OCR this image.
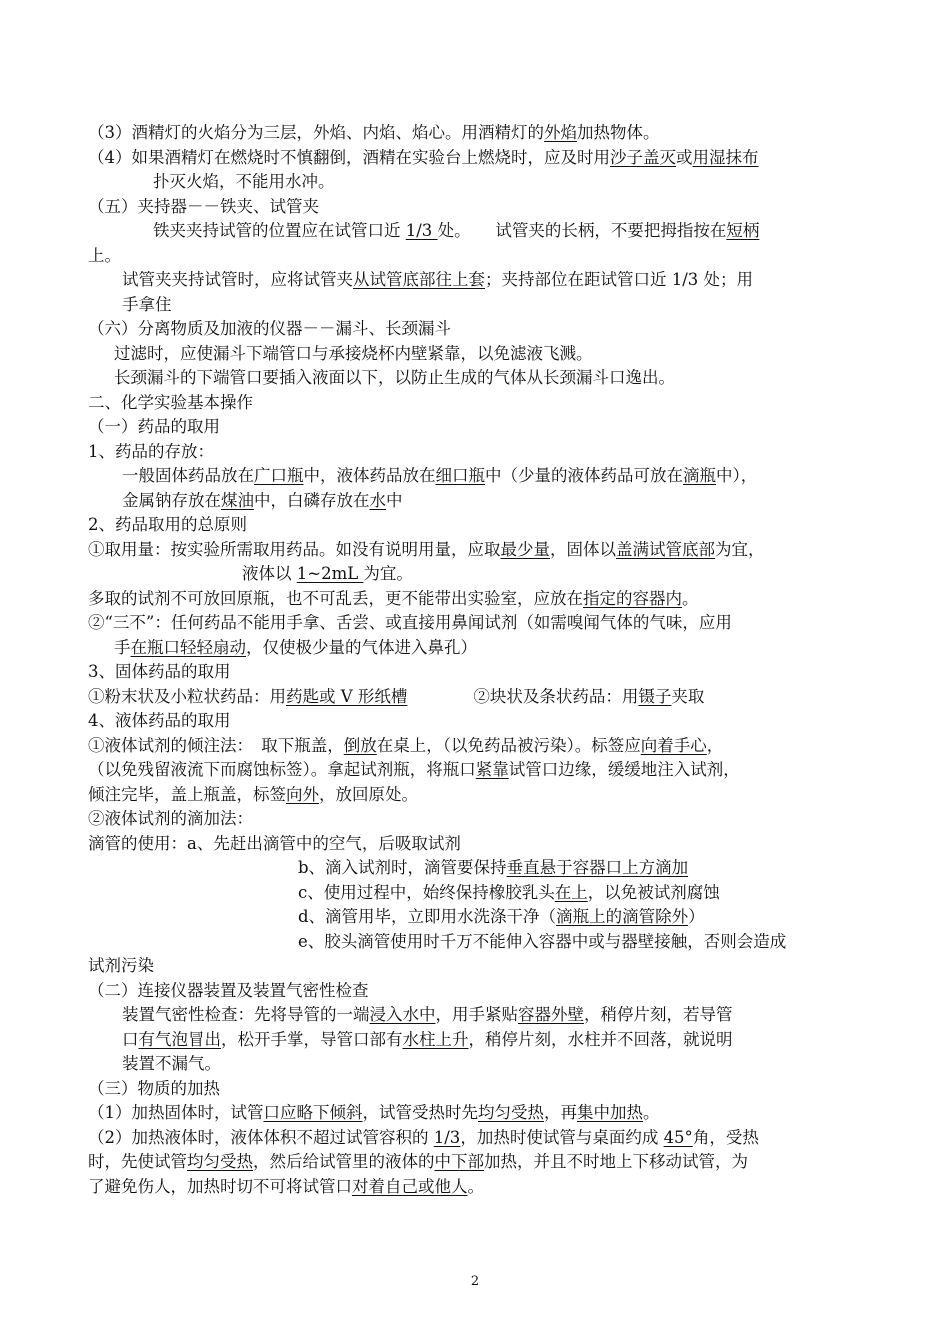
（3）酒精灯的火焰分为三层，外焰、内焰、焰心。用酒精灯的外焰加热物体。
（4）如果酒精灯在燃烧时不慎翻倒，酒精在实验台上燃烧时，应及时用沙子盖灭或用湿抹布
扑灭火焰，不能用水冲。
（五）夹持器－－铁夹、试管夹
铁夹夹持试管的位置应在试管口近 1/3 处。　　试管夹的长柄，不要把拇指按在短柄
上。
试管夹夹持试管时，应将试管夹从试管底部往上套；夹持部位在距试管口近 1/3 处；用
手拿住
（六）分离物质及加液的仪器－－漏斗、长颈漏斗
过滤时，应使漏斗下端管口与承接烧杯内壁紧靠，以免滤液飞溅。
长颈漏斗的下端管口要插入液面以下，以防止生成的气体从长颈漏斗口逸出。
二、化学实验基本操作
（一）药品的取用
1、药品的存放：
一般固体药品放在广口瓶中，液体药品放在细口瓶中（少量的液体药品可放在滴瓶中），
金属钠存放在煤油中，白磷存放在水中
2、药品取用的总原则
①取用量：按实验所需取用药品。如没有说明用量，应取最少量，固体以盖满试管底部为宜，
液体以 1~2mL 为宜。
多取的试剂不可放回原瓶，也不可乱丢，更不能带出实验室，应放在指定的容器内。
②“三不”：任何药品不能用手拿、舌尝、或直接用鼻闻试剂（如需嗅闻气体的气味，应用
手在瓶口轻轻扇动，仅使极少量的气体进入鼻孔）
3、固体药品的取用
①粉末状及小粒状药品：用药匙或 V 形纸槽　　　　②块状及条状药品：用镊子夹取
4、液体药品的取用
①液体试剂的倾注法：　取下瓶盖，倒放在桌上，（以免药品被污染）。标签应向着手心，
（以免残留液流下而腐蚀标签）。拿起试剂瓶，将瓶口紧靠试管口边缘，缓缓地注入试剂，
倾注完毕，盖上瓶盖，标签向外，放回原处。
②液体试剂的滴加法：
滴管的使用：a、先赶出滴管中的空气，后吸取试剂
b、滴入试剂时，滴管要保持垂直悬于容器口上方滴加
c、使用过程中，始终保持橡胶乳头在上，以免被试剂腐蚀
d、滴管用毕，立即用水洗涤干净（滴瓶上的滴管除外）
e、胶头滴管使用时千万不能伸入容器中或与器壁接触，否则会造成
试剂污染
（二）连接仪器装置及装置气密性检查
装置气密性检查：先将导管的一端浸入水中，用手紧贴容器外壁，稍停片刻，若导管
口有气泡冒出，松开手掌，导管口部有水柱上升，稍停片刻，水柱并不回落，就说明
装置不漏气。
（三）物质的加热
（1）加热固体时，试管口应略下倾斜，试管受热时先均匀受热，再集中加热。
（2）加热液体时，液体体积不超过试管容积的 1/3，加热时使试管与桌面约成 45°角，受热
时，先使试管均匀受热，然后给试管里的液体的中下部加热，并且不时地上下移动试管，为
了避免伤人，加热时切不可将试管口对着自己或他人。
2
